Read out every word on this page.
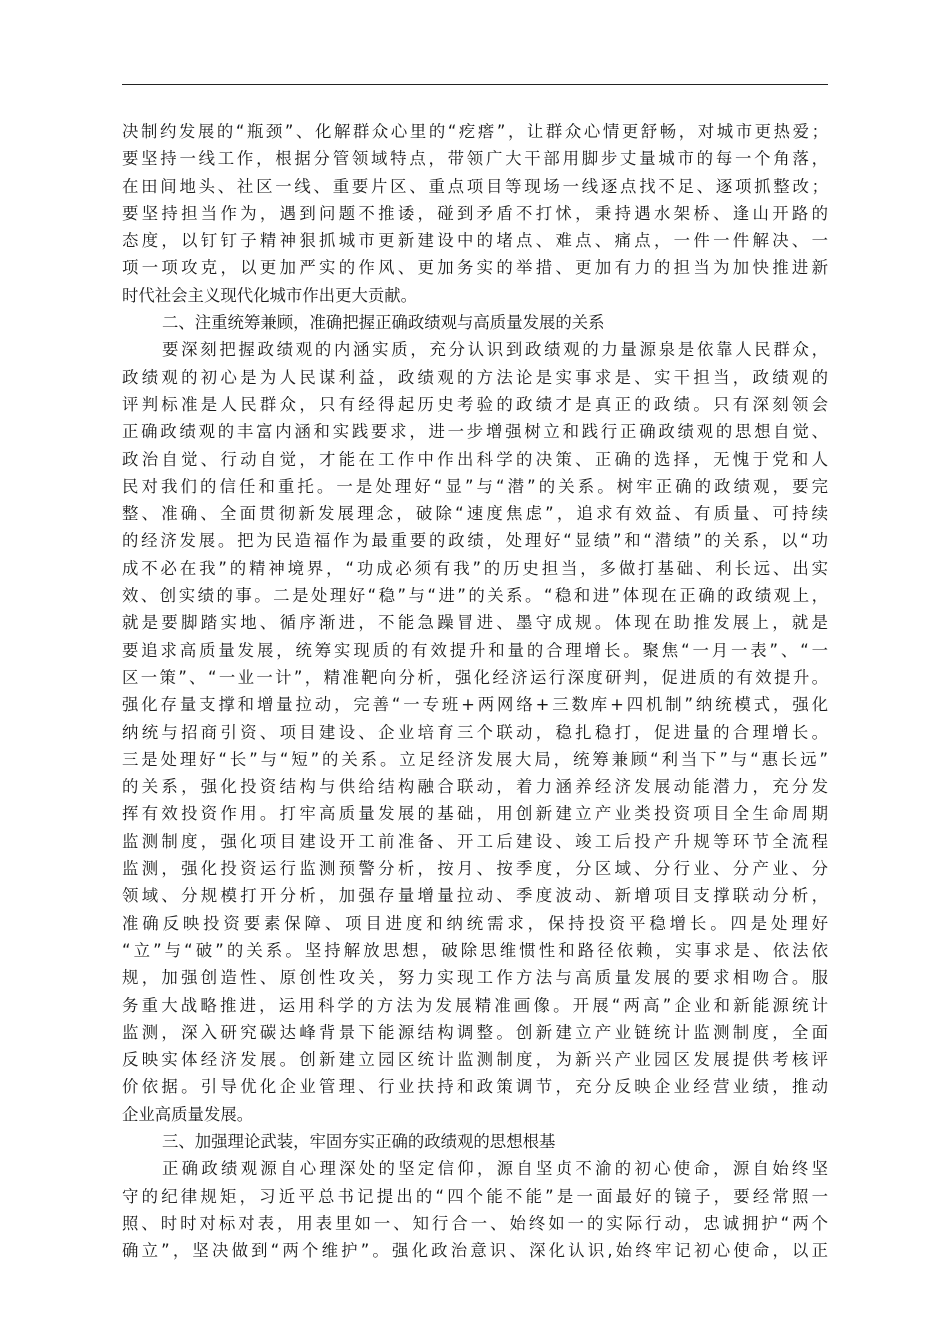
决制约发展的“瓶颈”、化解群众心里的“疙瘩”，让群众心情更舒畅，对城市更热爱；
要坚持一线工作，根据分管领域特点，带领广大干部用脚步丈量城市的每一个角落，
在田间地头、社区一线、重要片区、重点项目等现场一线逐点找不足、逐项抓整改；
要坚持担当作为，遇到问题不推诿，碰到矛盾不打怵，秉持遇水架桥、逢山开路的
态度，以钉钉子精神狠抓城市更新建设中的堵点、难点、痛点，一件一件解决、一
项一项攻克，以更加严实的作风、更加务实的举措、更加有力的担当为加快推进新
时代社会主义现代化城市作出更大贡献。
二、注重统筹兼顾，准确把握正确政绩观与高质量发展的关系
要深刻把握政绩观的内涵实质，充分认识到政绩观的力量源泉是依靠人民群众，
政绩观的初心是为人民谋利益，政绩观的方法论是实事求是、实干担当，政绩观的
评判标准是人民群众，只有经得起历史考验的政绩才是真正的政绩。只有深刻领会
正确政绩观的丰富内涵和实践要求，进一步增强树立和践行正确政绩观的思想自觉、
政治自觉、行动自觉，才能在工作中作出科学的决策、正确的选择，无愧于党和人
民对我们的信任和重托。一是处理好“显”与“潜”的关系。树牢正确的政绩观，要完
整、准确、全面贯彻新发展理念，破除“速度焦虑”，追求有效益、有质量、可持续
的经济发展。把为民造福作为最重要的政绩，处理好“显绩”和“潜绩”的关系，以“功
成不必在我”的精神境界，“功成必须有我”的历史担当，多做打基础、利长远、出实
效、创实绩的事。二是处理好“稳”与“进”的关系。“稳和进”体现在正确的政绩观上，
就是要脚踏实地、循序渐进，不能急躁冒进、墨守成规。体现在助推发展上，就是
要追求高质量发展，统筹实现质的有效提升和量的合理增长。聚焦“一月一表”、“一
区一策”、“一业一计”，精准靶向分析，强化经济运行深度研判，促进质的有效提升。
强化存量支撑和增量拉动，完善“一专班+两网络+三数库+四机制”纳统模式，强化
纳统与招商引资、项目建设、企业培育三个联动，稳扎稳打，促进量的合理增长。
三是处理好“长”与“短”的关系。立足经济发展大局，统筹兼顾“利当下”与“惠长远”
的关系，强化投资结构与供给结构融合联动，着力涵养经济发展动能潜力，充分发
挥有效投资作用。打牢高质量发展的基础，用创新建立产业类投资项目全生命周期
监测制度，强化项目建设开工前准备、开工后建设、竣工后投产升规等环节全流程
监测，强化投资运行监测预警分析，按月、按季度，分区域、分行业、分产业、分
领域、分规模打开分析，加强存量增量拉动、季度波动、新增项目支撑联动分析，
准确反映投资要素保障、项目进度和纳统需求，保持投资平稳增长。四是处理好
“立”与“破”的关系。坚持解放思想，破除思维惯性和路径依赖，实事求是、依法依
规，加强创造性、原创性攻关，努力实现工作方法与高质量发展的要求相吻合。服
务重大战略推进，运用科学的方法为发展精准画像。开展“两高”企业和新能源统计
监测，深入研究碳达峰背景下能源结构调整。创新建立产业链统计监测制度，全面
反映实体经济发展。创新建立园区统计监测制度，为新兴产业园区发展提供考核评
价依据。引导优化企业管理、行业扶持和政策调节，充分反映企业经营业绩，推动
企业高质量发展。
三、加强理论武装，牢固夯实正确的政绩观的思想根基
正确政绩观源自心理深处的坚定信仰，源自坚贞不渝的初心使命，源自始终坚
守的纪律规矩，习近平总书记提出的“四个能不能”是一面最好的镜子，要经常照一
照、时时对标对表，用表里如一、知行合一、始终如一的实际行动，忠诚拥护“两个
确立”，坚决做到“两个维护”。强化政治意识、深化认识,始终牢记初心使命，以正
